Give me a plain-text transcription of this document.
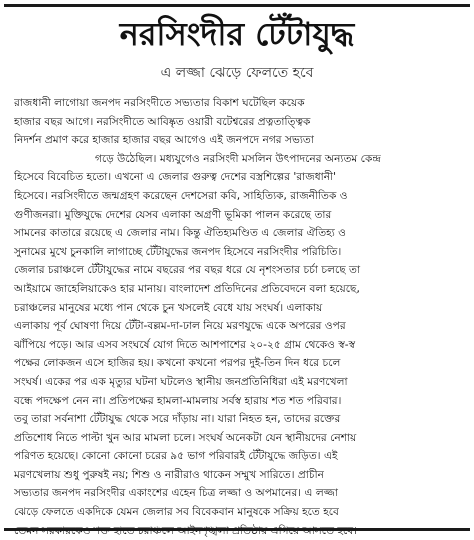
নরসিংদীর টেঁটাযুদ্ধ
এ লজ্জা ঝেড়ে ফেলতে হবে
রাজধানী লাগোয়া জনপদ নরসিংদীতে সভ্যতার বিকাশ ঘটেছিল কয়েক
হাজার বছর আগে। নরসিংদীতে আবিষ্কৃত ওয়ারী বটেশ্বরের প্রত্নতাত্ত্বিক
নিদর্শন প্রমাণ করে হাজার হাজার বছর আগেও এই জনপদে নগর সভ্যতা
গড়ে উঠেছিল। মধ্যযুগেও নরসিংদী মসলিন উৎপাদনের অন্যতম কেন্দ্র
হিসেবে বিবেচিত হতো। এখনো এ জেলার গুরুত্ব দেশের বস্ত্রশিল্পের 'রাজধানী'
হিসেবে। নরসিংদীতে জন্মগ্রহণ করেছেন দেশসেরা কবি, সাহিত্যিক, রাজনীতিক ও
গুণীজনরা। মুক্তিযুদ্ধে দেশের যেসব এলাকা অগ্রণী ভূমিকা পালন করেছে তার
সামনের কাতারে রয়েছে এ জেলার নাম। কিন্তু ঐতিহ্যমণ্ডিত এ জেলার ঐতিহ্য ও
সুনামের মুখে চুনকালি লাগাচ্ছে টেঁটাযুদ্ধের জনপদ হিসেবে নরসিংদীর পরিচিতি।
জেলার চরাঞ্চলে টেঁটাযুদ্ধের নামে বছরের পর বছর ধরে যে নৃশংসতার চর্চা চলছে তা
আইয়ামে জাহেলিয়াকেও হার মানায়। বাংলাদেশ প্রতিদিনের প্রতিবেদনে বলা হয়েছে,
চরাঞ্চলের মানুষের মধ্যে পান থেকে চুন খসলেই বেধে যায় সংঘর্ষ। এলাকায়
এলাকায় পূর্ব ঘোষণা দিয়ে টেঁটা-বল্লম-দা-ঢাল নিয়ে মরণযুদ্ধে একে অপরের ওপর
ঝাঁপিয়ে পড়ে। আর এসব সংঘর্ষে যোগ দিতে আশপাশের ২০-২৫ গ্রাম থেকেও স্ব-স্ব
পক্ষের লোকজন এসে হাজির হয়। কখনো কখনো পরপর দুই-তিন দিন ধরে চলে
সংঘর্ষ। একের পর এক মৃত্যুর ঘটনা ঘটলেও স্থানীয় জনপ্রতিনিধিরা এই মরণখেলা
বন্ধে পদক্ষেপ নেন না। প্রতিপক্ষের হামলা-মামলায় সর্বস্ব হারায় শত শত পরিবার।
তবু তারা সর্বনাশা টেঁটাযুদ্ধ থেকে সরে দাঁড়ায় না। যারা নিহত হন, তাদের রক্তের
প্রতিশোধ নিতে পাল্টা খুন আর মামলা চলে। সংঘর্ষ অনেকটা যেন স্থানীয়দের নেশায়
পরিণত হয়েছে। কোনো কোনো চরের ৯৫ ভাগ পরিবারই টেঁটাযুদ্ধে জড়িত। এই
মরণখেলায় শুধু পুরুষই নয়; শিশু ও নারীরাও থাকেন সম্মুখ সারিতে। প্রাচীন
সভ্যতার জনপদ নরসিংদীর একাংশের এহেন চিত্র লজ্জা ও অপমানের। এ লজ্জা
ঝেড়ে ফেলতে একদিকে যেমন জেলার সব বিবেকবান মানুষকে সক্রিয় হতে হবে
